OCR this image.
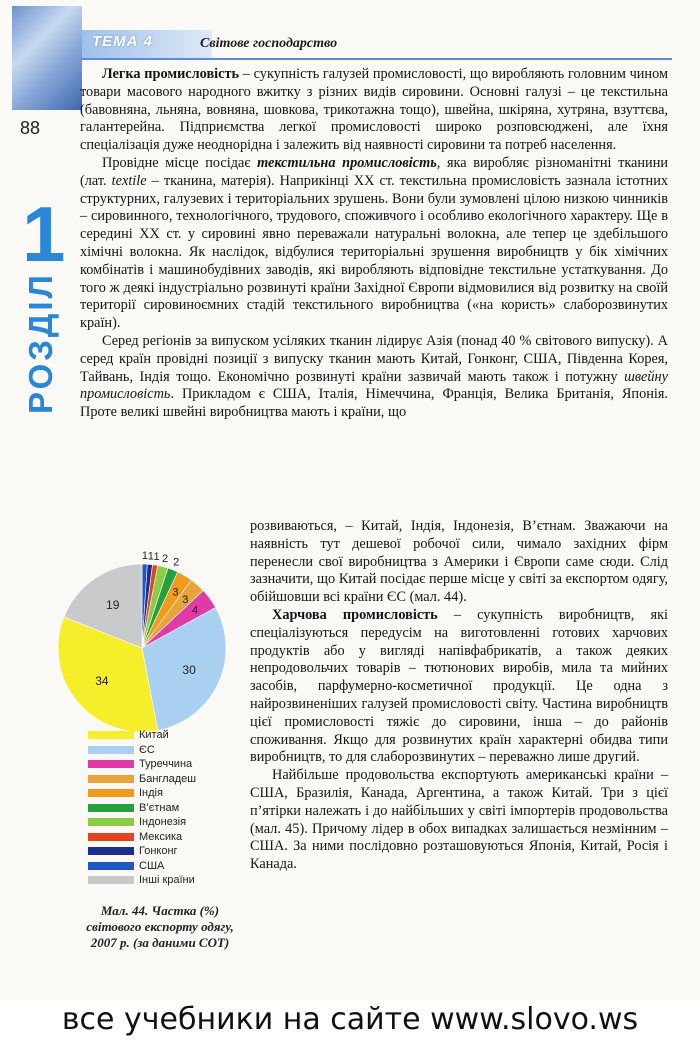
ТЕМА 4	Світове господарство
88
1
РОЗДІЛ

Легка промисловість – сукупність галузей промисловості, що виробляють головним чином товари масового народного вжитку з різних видів сировини. Основні галузі – це текстильна (бавовняна, льняна, вовняна, шовкова, трикотажна тощо), швейна, шкіряна, хутряна, взуттєва, галантерейна. Підприємства легкої промисловості широко розповсюджені, але їхня спеціалізація дуже неоднорідна і залежить від наявності сировини та потреб населення.

Провідне місце посідає текстильна промисловість, яка виробляє різноманітні тканини (лат. textile – тканина, матерія). Наприкінці ХХ ст. текстильна промисловість зазнала істотних структурних, галузевих і територіальних зрушень. Вони були зумовлені цілою низкою чинників – сировинного, технологічного, трудового, споживчого і особливо екологічного характеру. Ще в середині ХХ ст. у сировині явно переважали натуральні волокна, але тепер це здебільшого хімічні волокна. Як наслідок, відбулися територіальні зрушення виробництв у бік хімічних комбінатів і машинобудівних заводів, які виробляють відповідне текстильне устаткування. До того ж деякі індустріально розвинуті країни Західної Європи відмовилися від розвитку на своїй території сировиноємних стадій текстильного виробництва («на користь» слаборозвинутих країн).

Серед регіонів за випуском усіляких тканин лідирує Азія (понад 40 % світового випуску). А серед країн провідні позиції з випуску тканин мають Китай, Гонконг, США, Південна Корея, Тайвань, Індія тощо. Економічно розвинуті країни зазвичай мають також і потужну швейну промисловість. Прикладом є США, Італія, Німеччина, Франція, Велика Британія, Японія. Проте великі швейні виробництва мають і країни, що

1 1 1 2 2
3
3
4
30
34
19
Китай
ЄС
Туреччина
Бангладеш
Індія
В’єтнам
Індонезія
Мексика
Гонконг
США
Інші країни
Мал. 44. Частка (%) світового експорту одягу, 2007 р. (за даними СОТ)

розвиваються, – Китай, Індія, Індонезія, В’єтнам. Зважаючи на наявність тут дешевої робочої сили, чимало західних фірм перенесли свої виробництва з Америки і Європи саме сюди. Слід зазначити, що Китай посідає перше місце у світі за експортом одягу, обійшовши всі країни ЄС (мал. 44).

Харчова промисловість – сукупність виробництв, які спеціалізуються передусім на виготовленні готових харчових продуктів або у вигляді напівфабрикатів, а також деяких непродовольчих товарів – тютюнових виробів, мила та мийних засобів, парфумерно-косметичної продукції. Це одна з найрозвиненіших галузей промисловості світу. Частина виробництв цієї промисловості тяжіє до сировини, інша – до районів споживання. Якщо для розвинутих країн характерні обидва типи виробництв, то для слаборозвинутих – переважно лише другий.

Найбільше продовольства експортують американські країни – США, Бразилія, Канада, Аргентина, а також Китай. Три з цієї п’ятірки належать і до найбільших у світі імпортерів продовольства (мал. 45). Причому лідер в обох випадках залишається незмінним – США. За ними послідовно розташовуються Японія, Китай, Росія і Канада.

все учебники на сайте www.slovo.ws
